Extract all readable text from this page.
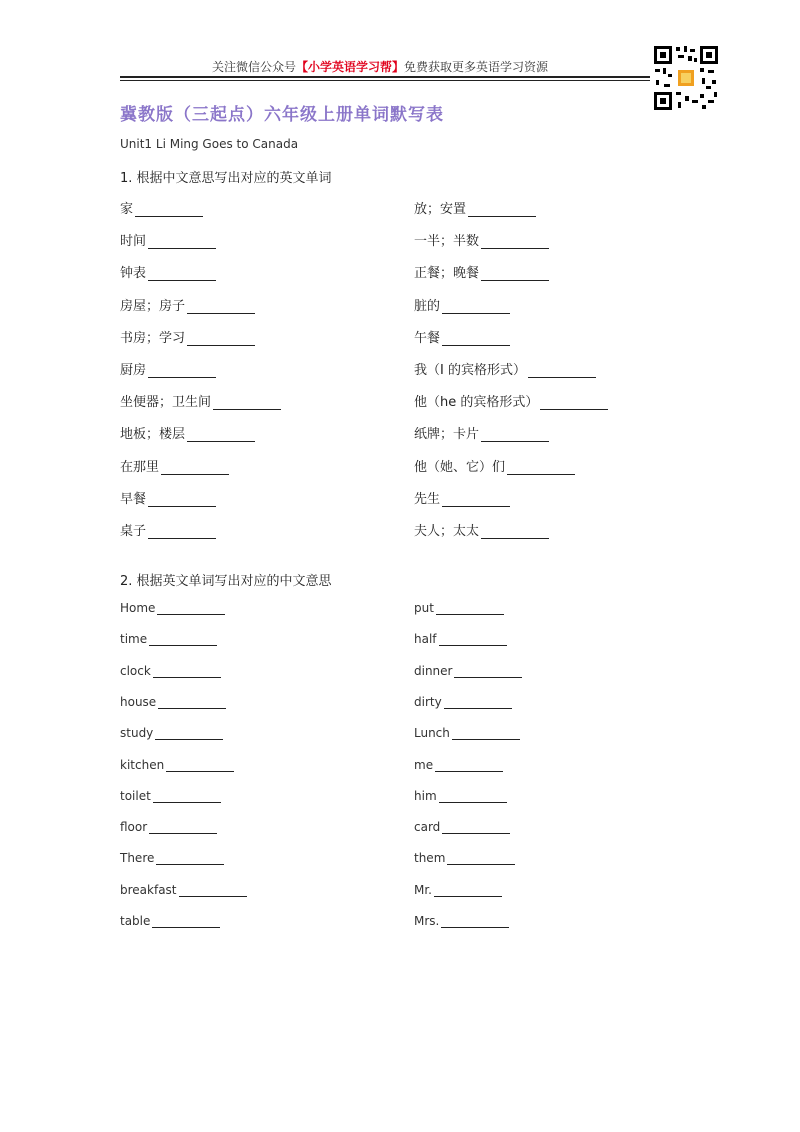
关注微信公众号【小学英语学习帮】免费获取更多英语学习资源
冀教版（三起点）六年级上册单词默写表
Unit1 Li Ming Goes to Canada
1. 根据中文意思写出对应的英文单词
家
时间
钟表
房屋；房子
书房；学习
厨房
坐便器；卫生间
地板；楼层
在那里
早餐
桌子
放；安置
一半；半数
正餐；晚餐
脏的
午餐
我（I 的宾格形式）
他（he 的宾格形式）
纸牌；卡片
他（她、它）们
先生
夫人；太太
2. 根据英文单词写出对应的中文意思
Home
time
clock
house
study
kitchen
toilet
floor
There
breakfast
table
put
half
dinner
dirty
Lunch
me
him
card
them
Mr.
Mrs.
